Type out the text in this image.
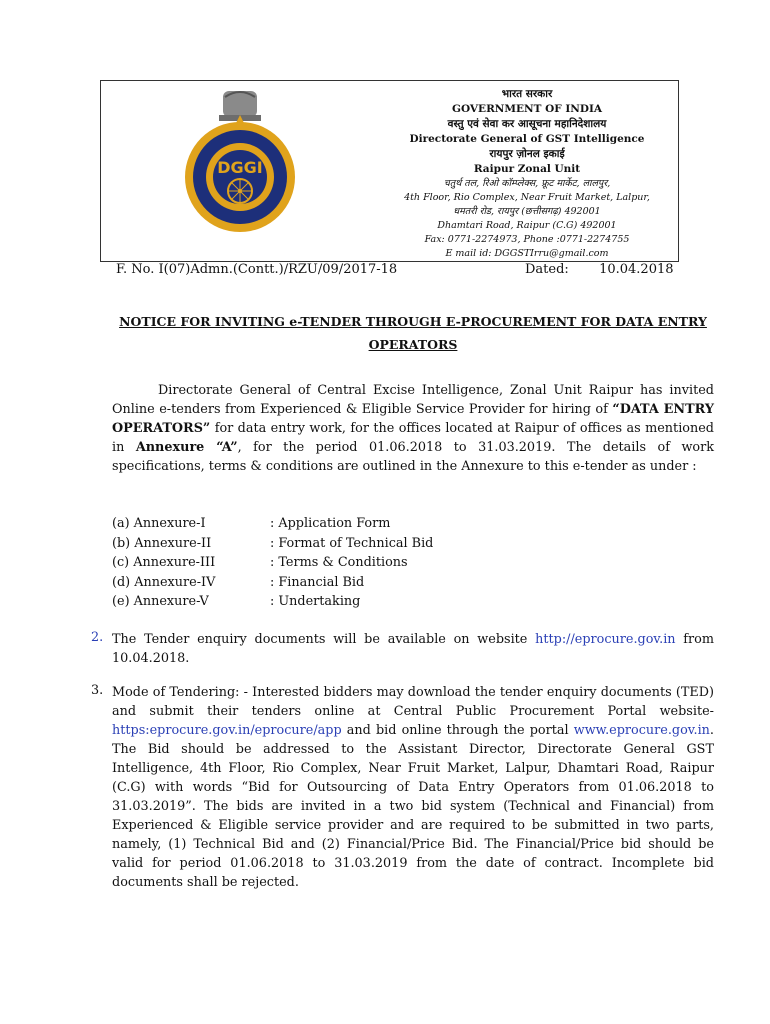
DGGI
भारत सरकार
GOVERNMENT OF INDIA
वस्तु एवं सेवा कर आसूचना महानिदेशालय
Directorate General of GST Intelligence
रायपुर ज़ोनल इकाई
Raipur Zonal Unit
चतुर्थ तल, रिओ कॉम्प्लेक्स, फ्रूट मार्केट, लालपुर,
4th Floor, Rio Complex, Near Fruit Market, Lalpur,
धमतरी रोड, रायपुर (छत्तीसगढ़) 492001
Dhamtari Road, Raipur (C.G) 492001
Fax: 0771-2274973, Phone :0771-2274755
E mail id: DGGSTIrru@gmail.com
F. No. I(07)Admn.(Contt.)/RZU/09/2017-18	Dated: 10.04.2018
NOTICE FOR INVITING e-TENDER THROUGH E-PROCUREMENT FOR DATA ENTRY
OPERATORS
Directorate General of Central Excise Intelligence, Zonal Unit Raipur has invited Online e-tenders from Experienced & Eligible Service Provider for hiring of “DATA ENTRY OPERATORS” for data entry work, for the offices located at Raipur of offices as mentioned in Annexure “A”, for the period 01.06.2018 to 31.03.2019. The details of work specifications, terms & conditions are outlined in the Annexure to this e-tender as under :
(a) Annexure-I	: Application Form
(b) Annexure-II	: Format of Technical Bid
(c) Annexure-III	: Terms & Conditions
(d) Annexure-IV	: Financial Bid
(e) Annexure-V	: Undertaking
2. The Tender enquiry documents will be available on website http://eprocure.gov.in from 10.04.2018.
3. Mode of Tendering: - Interested bidders may download the tender enquiry documents (TED) and submit their tenders online at Central Public Procurement Portal website-https:eprocure.gov.in/eprocure/app and bid online through the portal www.eprocure.gov.in. The Bid should be addressed to the Assistant Director, Directorate General GST Intelligence, 4th Floor, Rio Complex, Near Fruit Market, Lalpur, Dhamtari Road, Raipur (C.G) with words “Bid for Outsourcing of Data Entry Operators from 01.06.2018 to 31.03.2019”. The bids are invited in a two bid system (Technical and Financial) from Experienced & Eligible service provider and are required to be submitted in two parts, namely, (1) Technical Bid and (2) Financial/Price Bid. The Financial/Price bid should be valid for period 01.06.2018 to 31.03.2019 from the date of contract. Incomplete bid documents shall be rejected.
